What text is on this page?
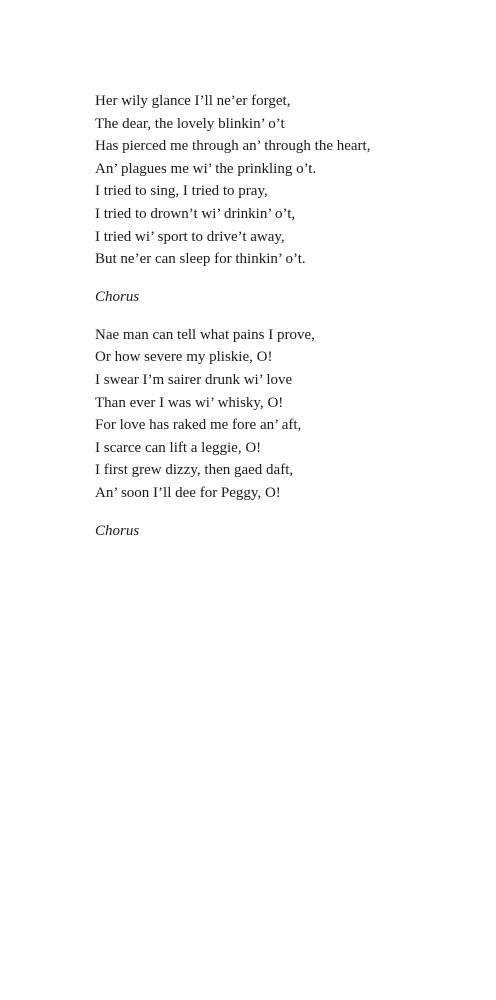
Her wily glance I’ll ne’er forget,
The dear, the lovely blinkin’ o’t
Has pierced me through an’ through the heart,
An’ plagues me wi’ the prinkling o’t.
I tried to sing, I tried to pray,
I tried to drown’t wi’ drinkin’ o’t,
I tried wi’ sport to drive’t away,
But ne’er can sleep for thinkin’ o’t.
Chorus
Nae man can tell what pains I prove,
Or how severe my pliskie, O!
I swear I’m sairer drunk wi’ love
Than ever I was wi’ whisky, O!
For love has raked me fore an’ aft,
I scarce can lift a leggie, O!
I first grew dizzy, then gaed daft,
An’ soon I’ll dee for Peggy, O!
Chorus
